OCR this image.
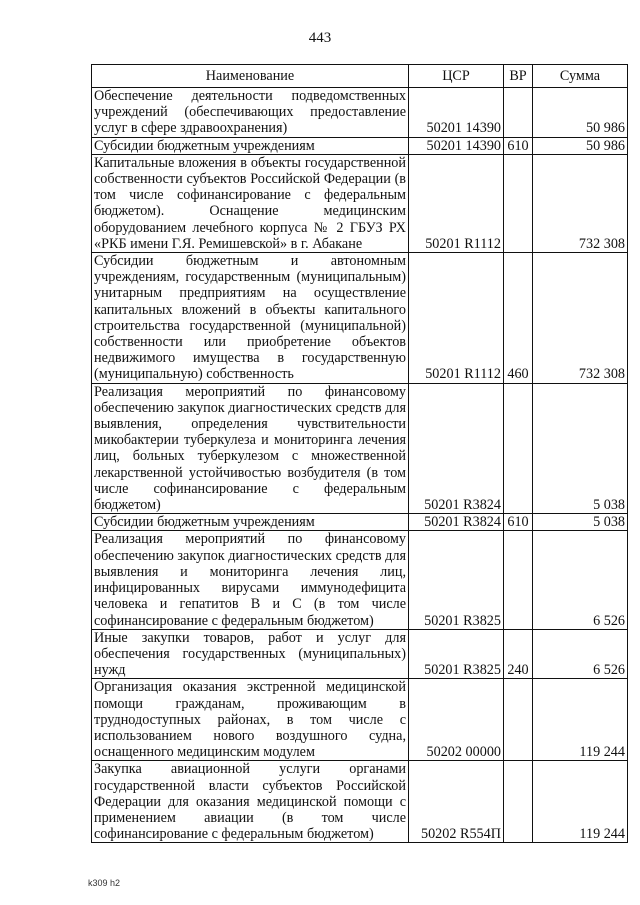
443
Наименование	ЦСР	ВР	Сумма
Обеспечение деятельности подведомственных учреждений (обеспечивающих предоставление услуг в сфере здравоохранения)	50201 14390		50 986
Субсидии бюджетным учреждениям	50201 14390	610	50 986
Капитальные вложения в объекты государственной собственности субъектов Российской Федерации (в том числе софинансирование с федеральным бюджетом). Оснащение медицинским оборудованием лечебного корпуса № 2 ГБУЗ РХ «РКБ имени Г.Я. Ремишевской» в г. Абакане	50201 R1112		732 308
Субсидии бюджетным и автономным учреждениям, государственным (муниципальным) унитарным предприятиям на осуществление капитальных вложений в объекты капитального строительства государственной (муниципальной) собственности или приобретение объектов недвижимого имущества в государственную (муниципальную) собственность	50201 R1112	460	732 308
Реализация мероприятий по финансовому обеспечению закупок диагностических средств для выявления, определения чувствительности микобактерии туберкулеза и мониторинга лечения лиц, больных туберкулезом с множественной лекарственной устойчивостью возбудителя (в том числе софинансирование с федеральным бюджетом)	50201 R3824		5 038
Субсидии бюджетным учреждениям	50201 R3824	610	5 038
Реализация мероприятий по финансовому обеспечению закупок диагностических средств для выявления и мониторинга лечения лиц, инфицированных вирусами иммунодефицита человека и гепатитов В и С (в том числе софинансирование с федеральным бюджетом)	50201 R3825		6 526
Иные закупки товаров, работ и услуг для обеспечения государственных (муниципальных) нужд	50201 R3825	240	6 526
Организация оказания экстренной медицинской помощи гражданам, проживающим в труднодоступных районах, в том числе с использованием нового воздушного судна, оснащенного медицинским модулем	50202 00000		119 244
Закупка авиационной услуги органами государственной власти субъектов Российской Федерации для оказания медицинской помощи с применением авиации (в том числе софинансирование с федеральным бюджетом)	50202 R554П		119 244
k309 h2
